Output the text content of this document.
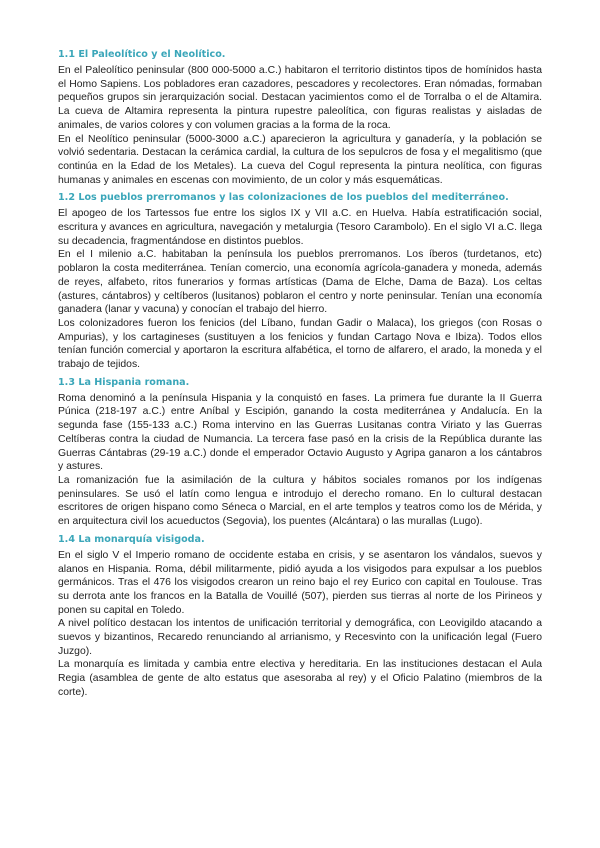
1.1 El Paleolítico y el Neolítico.

En el Paleolítico peninsular (800 000-5000 a.C.) habitaron el territorio distintos tipos de homínidos hasta el Homo Sapiens. Los pobladores eran cazadores, pescadores y recolectores. Eran nómadas, formaban pequeños grupos sin jerarquización social. Destacan yacimientos como el de Torralba o el de Altamira. La cueva de Altamira representa la pintura rupestre paleolítica, con figuras realistas y aisladas de animales, de varios colores y con volumen gracias a la forma de la roca.

En el Neolítico peninsular (5000-3000 a.C.) aparecieron la agricultura y ganadería, y la población se volvió sedentaria. Destacan la cerámica cardial, la cultura de los sepulcros de fosa y el megalitismo (que continúa en la Edad de los Metales). La cueva del Cogul representa la pintura neolítica, con figuras humanas y animales en escenas con movimiento, de un color y más esquemáticas.

1.2 Los pueblos prerromanos y las colonizaciones de los pueblos del mediterráneo.

El apogeo de los Tartessos fue entre los siglos IX y VII a.C. en Huelva. Había estratificación social, escritura y avances en agricultura, navegación y metalurgia (Tesoro Carambolo). En el siglo VI a.C. llega su decadencia, fragmentándose en distintos pueblos.

En el I milenio a.C. habitaban la península los pueblos prerromanos. Los íberos (turdetanos, etc) poblaron la costa mediterránea. Tenían comercio, una economía agrícola-ganadera y moneda, además de reyes, alfabeto, ritos funerarios y formas artísticas (Dama de Elche, Dama de Baza). Los celtas (astures, cántabros) y celtíberos (lusitanos) poblaron el centro y norte peninsular. Tenían una economía ganadera (lanar y vacuna) y conocían el trabajo del hierro.

Los colonizadores fueron los fenicios (del Líbano, fundan Gadir o Malaca), los griegos (con Rosas o Ampurias), y los cartagineses (sustituyen a los fenicios y fundan Cartago Nova e Ibiza). Todos ellos tenían función comercial y aportaron la escritura alfabética, el torno de alfarero, el arado, la moneda y el trabajo de tejidos.

1.3 La Hispania romana.

Roma denominó a la península Hispania y la conquistó en fases. La primera fue durante la II Guerra Púnica (218-197 a.C.) entre Aníbal y Escipión, ganando la costa mediterránea y Andalucía. En la segunda fase (155-133 a.C.) Roma intervino en las Guerras Lusitanas contra Viriato y las Guerras Celtíberas contra la ciudad de Numancia. La tercera fase pasó en la crisis de la República durante las Guerras Cántabras (29-19 a.C.) donde el emperador Octavio Augusto y Agripa ganaron a los cántabros y astures.

La romanización fue la asimilación de la cultura y hábitos sociales romanos por los indígenas peninsulares. Se usó el latín como lengua e introdujo el derecho romano. En lo cultural destacan escritores de origen hispano como Séneca o Marcial, en el arte templos y teatros como los de Mérida, y en arquitectura civil los acueductos (Segovia), los puentes (Alcántara) o las murallas (Lugo).

1.4 La monarquía visigoda.

En el siglo V el Imperio romano de occidente estaba en crisis, y se asentaron los vándalos, suevos y alanos en Hispania. Roma, débil militarmente, pidió ayuda a los visigodos para expulsar a los pueblos germánicos. Tras el 476 los visigodos crearon un reino bajo el rey Eurico con capital en Toulouse. Tras su derrota ante los francos en la Batalla de Vouillé (507), pierden sus tierras al norte de los Pirineos y ponen su capital en Toledo.

A nivel político destacan los intentos de unificación territorial y demográfica, con Leovigildo atacando a suevos y bizantinos, Recaredo renunciando al arrianismo, y Recesvinto con la unificación legal (Fuero Juzgo).

La monarquía es limitada y cambia entre electiva y hereditaria. En las instituciones destacan el Aula Regia (asamblea de gente de alto estatus que asesoraba al rey) y el Oficio Palatino (miembros de la corte).
